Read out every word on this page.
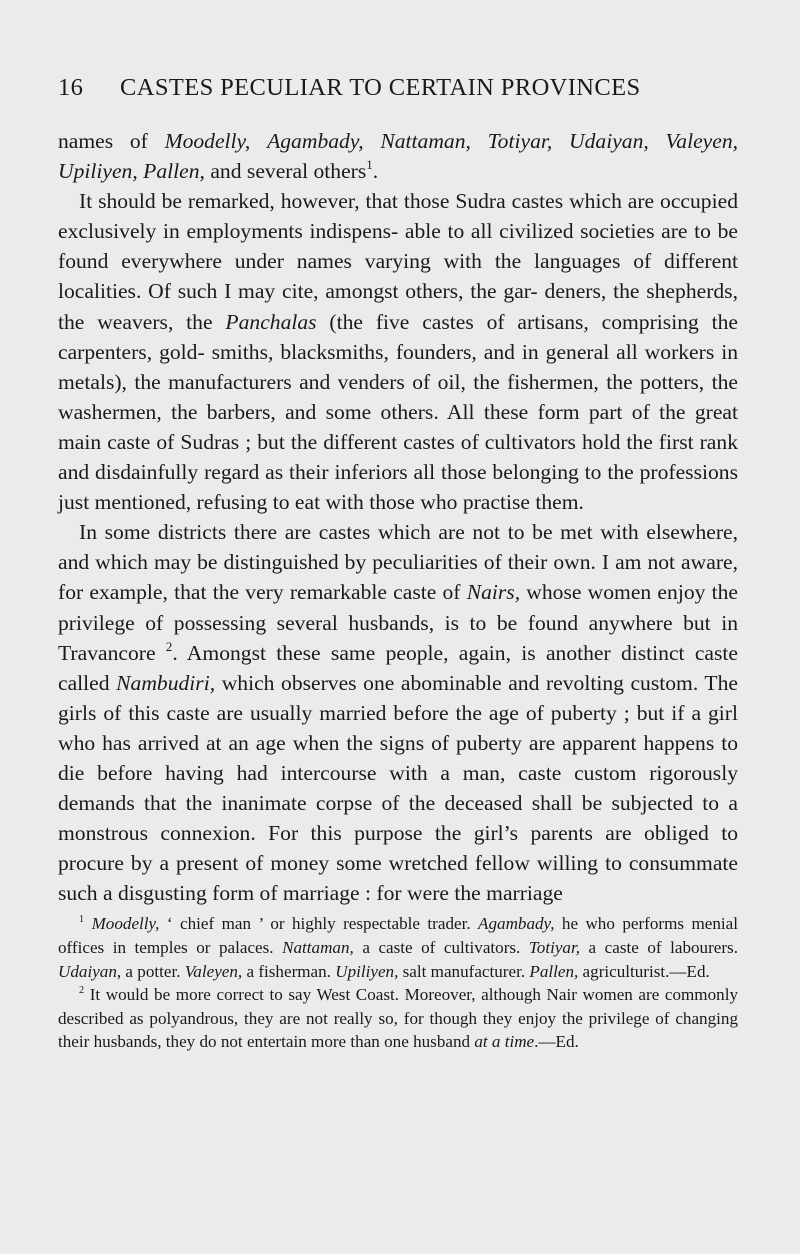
16	CASTES PECULIAR TO CERTAIN PROVINCES

names of Moodelly, Agambady, Nattaman, Totiyar, Udaiyan, Valeyen, Upiliyen, Pallen, and several others$^1$.

It should be remarked, however, that those Sudra castes which are occupied exclusively in employments indispens- able to all civilized societies are to be found everywhere under names varying with the languages of different localities. Of such I may cite, amongst others, the gar- deners, the shepherds, the weavers, the Panchalas (the five castes of artisans, comprising the carpenters, gold- smiths, blacksmiths, founders, and in general all workers in metals), the manufacturers and venders of oil, the fishermen, the potters, the washermen, the barbers, and some others. All these form part of the great main caste of Sudras ; but the different castes of cultivators hold the first rank and disdainfully regard as their inferiors all those belonging to the professions just mentioned, refusing to eat with those who practise them.

In some districts there are castes which are not to be met with elsewhere, and which may be distinguished by peculiarities of their own. I am not aware, for example, that the very remarkable caste of Nairs, whose women enjoy the privilege of possessing several husbands, is to be found anywhere but in Travancore $^2$. Amongst these same people, again, is another distinct caste called Nambudiri, which observes one abominable and revolting custom. The girls of this caste are usually married before the age of puberty ; but if a girl who has arrived at an age when the signs of puberty are apparent happens to die before having had intercourse with a man, caste custom rigorously demands that the inanimate corpse of the deceased shall be subjected to a monstrous connexion. For this purpose the girl’s parents are obliged to procure by a present of money some wretched fellow willing to consummate such a disgusting form of marriage : for were the marriage

$^1$ Moodelly, ‘ chief man ’ or highly respectable trader. Agambady, he who performs menial offices in temples or palaces. Nattaman, a caste of cultivators. Totiyar, a caste of labourers. Udaiyan, a potter. Valeyen, a fisherman. Upiliyen, salt manufacturer. Pallen, agriculturist.—Ed.

$^2$ It would be more correct to say West Coast. Moreover, although Nair women are commonly described as polyandrous, they are not really so, for though they enjoy the privilege of changing their husbands, they do not entertain more than one husband at a time.—Ed.
